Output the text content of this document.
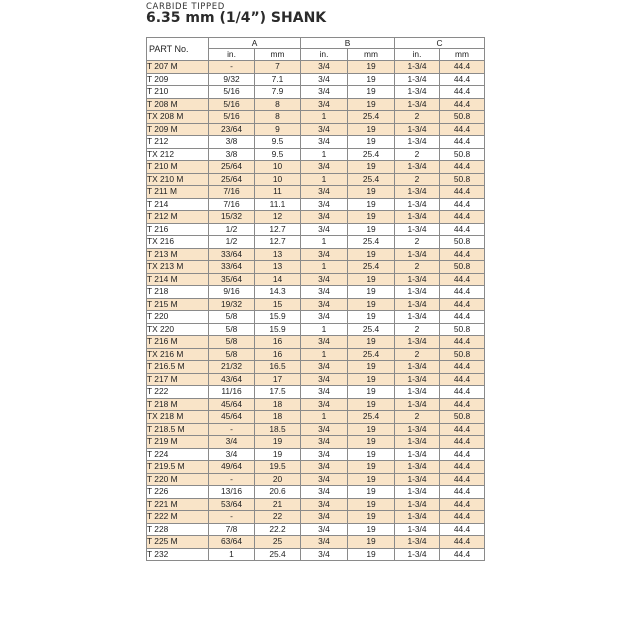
CARBIDE TIPPED
6.35 mm (1/4”) SHANK
PART No.	A		B		C	
	in.	mm	in.	mm	in.	mm
T 207 M	-	7	3/4	19	1-3/4	44.4
T 209	9/32	7.1	3/4	19	1-3/4	44.4
T 210	5/16	7.9	3/4	19	1-3/4	44.4
T 208 M	5/16	8	3/4	19	1-3/4	44.4
TX 208 M	5/16	8	1	25.4	2	50.8
T 209 M	23/64	9	3/4	19	1-3/4	44.4
T 212	3/8	9.5	3/4	19	1-3/4	44.4
TX 212	3/8	9.5	1	25.4	2	50.8
T 210 M	25/64	10	3/4	19	1-3/4	44.4
TX 210 M	25/64	10	1	25.4	2	50.8
T 211 M	7/16	11	3/4	19	1-3/4	44.4
T 214	7/16	11.1	3/4	19	1-3/4	44.4
T 212 M	15/32	12	3/4	19	1-3/4	44.4
T 216	1/2	12.7	3/4	19	1-3/4	44.4
TX 216	1/2	12.7	1	25.4	2	50.8
T 213 M	33/64	13	3/4	19	1-3/4	44.4
TX 213 M	33/64	13	1	25.4	2	50.8
T 214 M	35/64	14	3/4	19	1-3/4	44.4
T 218	9/16	14.3	3/4	19	1-3/4	44.4
T 215 M	19/32	15	3/4	19	1-3/4	44.4
T 220	5/8	15.9	3/4	19	1-3/4	44.4
TX 220	5/8	15.9	1	25.4	2	50.8
T 216 M	5/8	16	3/4	19	1-3/4	44.4
TX 216 M	5/8	16	1	25.4	2	50.8
T 216.5 M	21/32	16.5	3/4	19	1-3/4	44.4
T 217 M	43/64	17	3/4	19	1-3/4	44.4
T 222	11/16	17.5	3/4	19	1-3/4	44.4
T 218 M	45/64	18	3/4	19	1-3/4	44.4
TX 218 M	45/64	18	1	25.4	2	50.8
T 218.5 M	-	18.5	3/4	19	1-3/4	44.4
T 219 M	3/4	19	3/4	19	1-3/4	44.4
T 224	3/4	19	3/4	19	1-3/4	44.4
T 219.5 M	49/64	19.5	3/4	19	1-3/4	44.4
T 220 M	-	20	3/4	19	1-3/4	44.4
T 226	13/16	20.6	3/4	19	1-3/4	44.4
T 221 M	53/64	21	3/4	19	1-3/4	44.4
T 222 M	-	22	3/4	19	1-3/4	44.4
T 228	7/8	22.2	3/4	19	1-3/4	44.4
T 225 M	63/64	25	3/4	19	1-3/4	44.4
T 232	1	25.4	3/4	19	1-3/4	44.4
